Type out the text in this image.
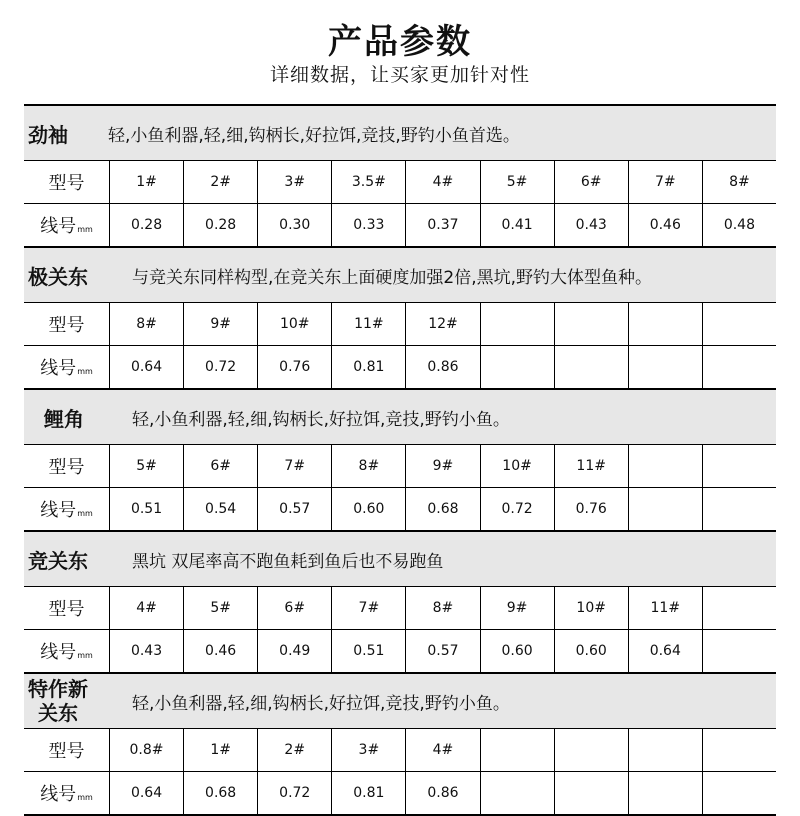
产品参数
详细数据，让买家更加针对性
劲袖 轻,小鱼利器,轻,细,钩柄长,好拉饵,竞技,野钓小鱼首选。
型号	1#	2#	3#	3.5#	4#	5#	6#	7#	8#
线号 mm	0.28	0.28	0.30	0.33	0.37	0.41	0.43	0.46	0.48
极关东	与竞关东同样构型,在竞关东上面硬度加强2倍,黑坑,野钓大体型鱼种。
型号	8#	9#	10#	11#	12#
线号 mm	0.64	0.72	0.76	0.81	0.86
鲤角	轻,小鱼利器,轻,细,钩柄长,好拉饵,竞技,野钓小鱼。
型号	5#	6#	7#	8#	9#	10#	11#
线号 mm	0.51	0.54	0.57	0.60	0.68	0.72	0.76
竞关东	黑坑 双尾率高不跑鱼耗到鱼后也不易跑鱼
型号	4#	5#	6#	7#	8#	9#	10#	11#
线号 mm	0.43	0.46	0.49	0.51	0.57	0.60	0.60	0.64
特作新
关东	轻,小鱼利器,轻,细,钩柄长,好拉饵,竞技,野钓小鱼。
型号	0.8#	1#	2#	3#	4#
线号 mm	0.64	0.68	0.72	0.81	0.86
